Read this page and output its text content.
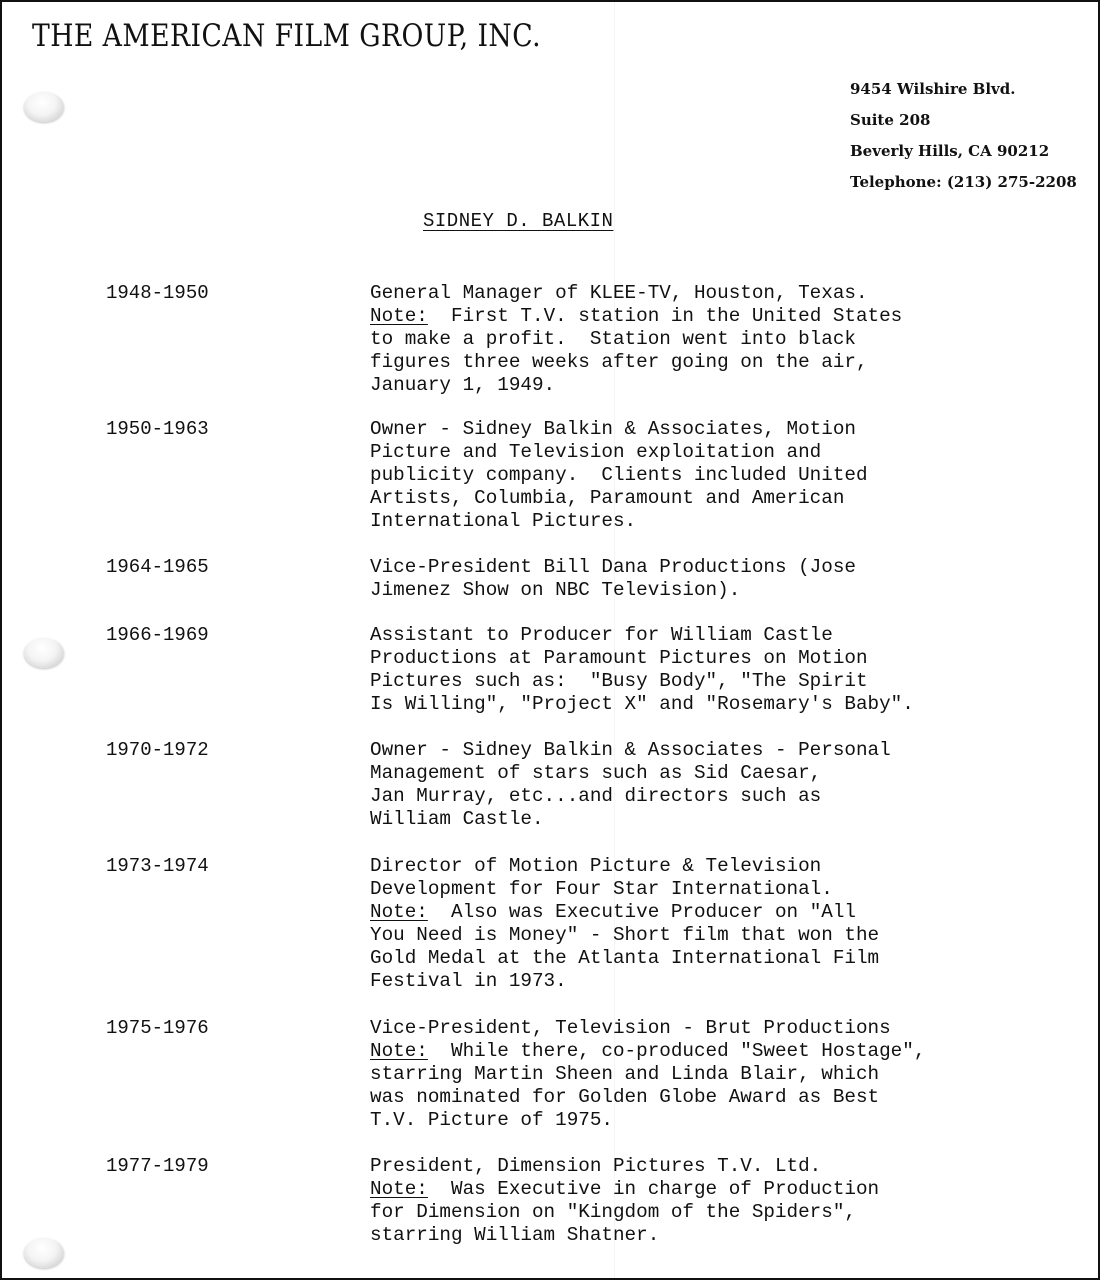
THE AMERICAN FILM GROUP, INC.
9454 Wilshire Blvd.
Suite 208
Beverly Hills, CA 90212
Telephone: (213) 275-2208
SIDNEY D. BALKIN
1948-1950	General Manager of KLEE-TV, Houston, Texas.
Note:  First T.V. station in the United States
to make a profit.  Station went into black
figures three weeks after going on the air,
January 1, 1949.
1950-1963	Owner - Sidney Balkin & Associates, Motion
Picture and Television exploitation and
publicity company.  Clients included United
Artists, Columbia, Paramount and American
International Pictures.
1964-1965	Vice-President Bill Dana Productions (Jose
Jimenez Show on NBC Television).
1966-1969	Assistant to Producer for William Castle
Productions at Paramount Pictures on Motion
Pictures such as:  "Busy Body", "The Spirit
Is Willing", "Project X" and "Rosemary's Baby".
1970-1972	Owner - Sidney Balkin & Associates - Personal
Management of stars such as Sid Caesar,
Jan Murray, etc...and directors such as
William Castle.
1973-1974	Director of Motion Picture & Television
Development for Four Star International.
Note:  Also was Executive Producer on "All
You Need is Money" - Short film that won the
Gold Medal at the Atlanta International Film
Festival in 1973.
1975-1976	Vice-President, Television - Brut Productions
Note:  While there, co-produced "Sweet Hostage",
starring Martin Sheen and Linda Blair, which
was nominated for Golden Globe Award as Best
T.V. Picture of 1975.
1977-1979	President, Dimension Pictures T.V. Ltd.
Note:  Was Executive in charge of Production
for Dimension on "Kingdom of the Spiders",
starring William Shatner.
